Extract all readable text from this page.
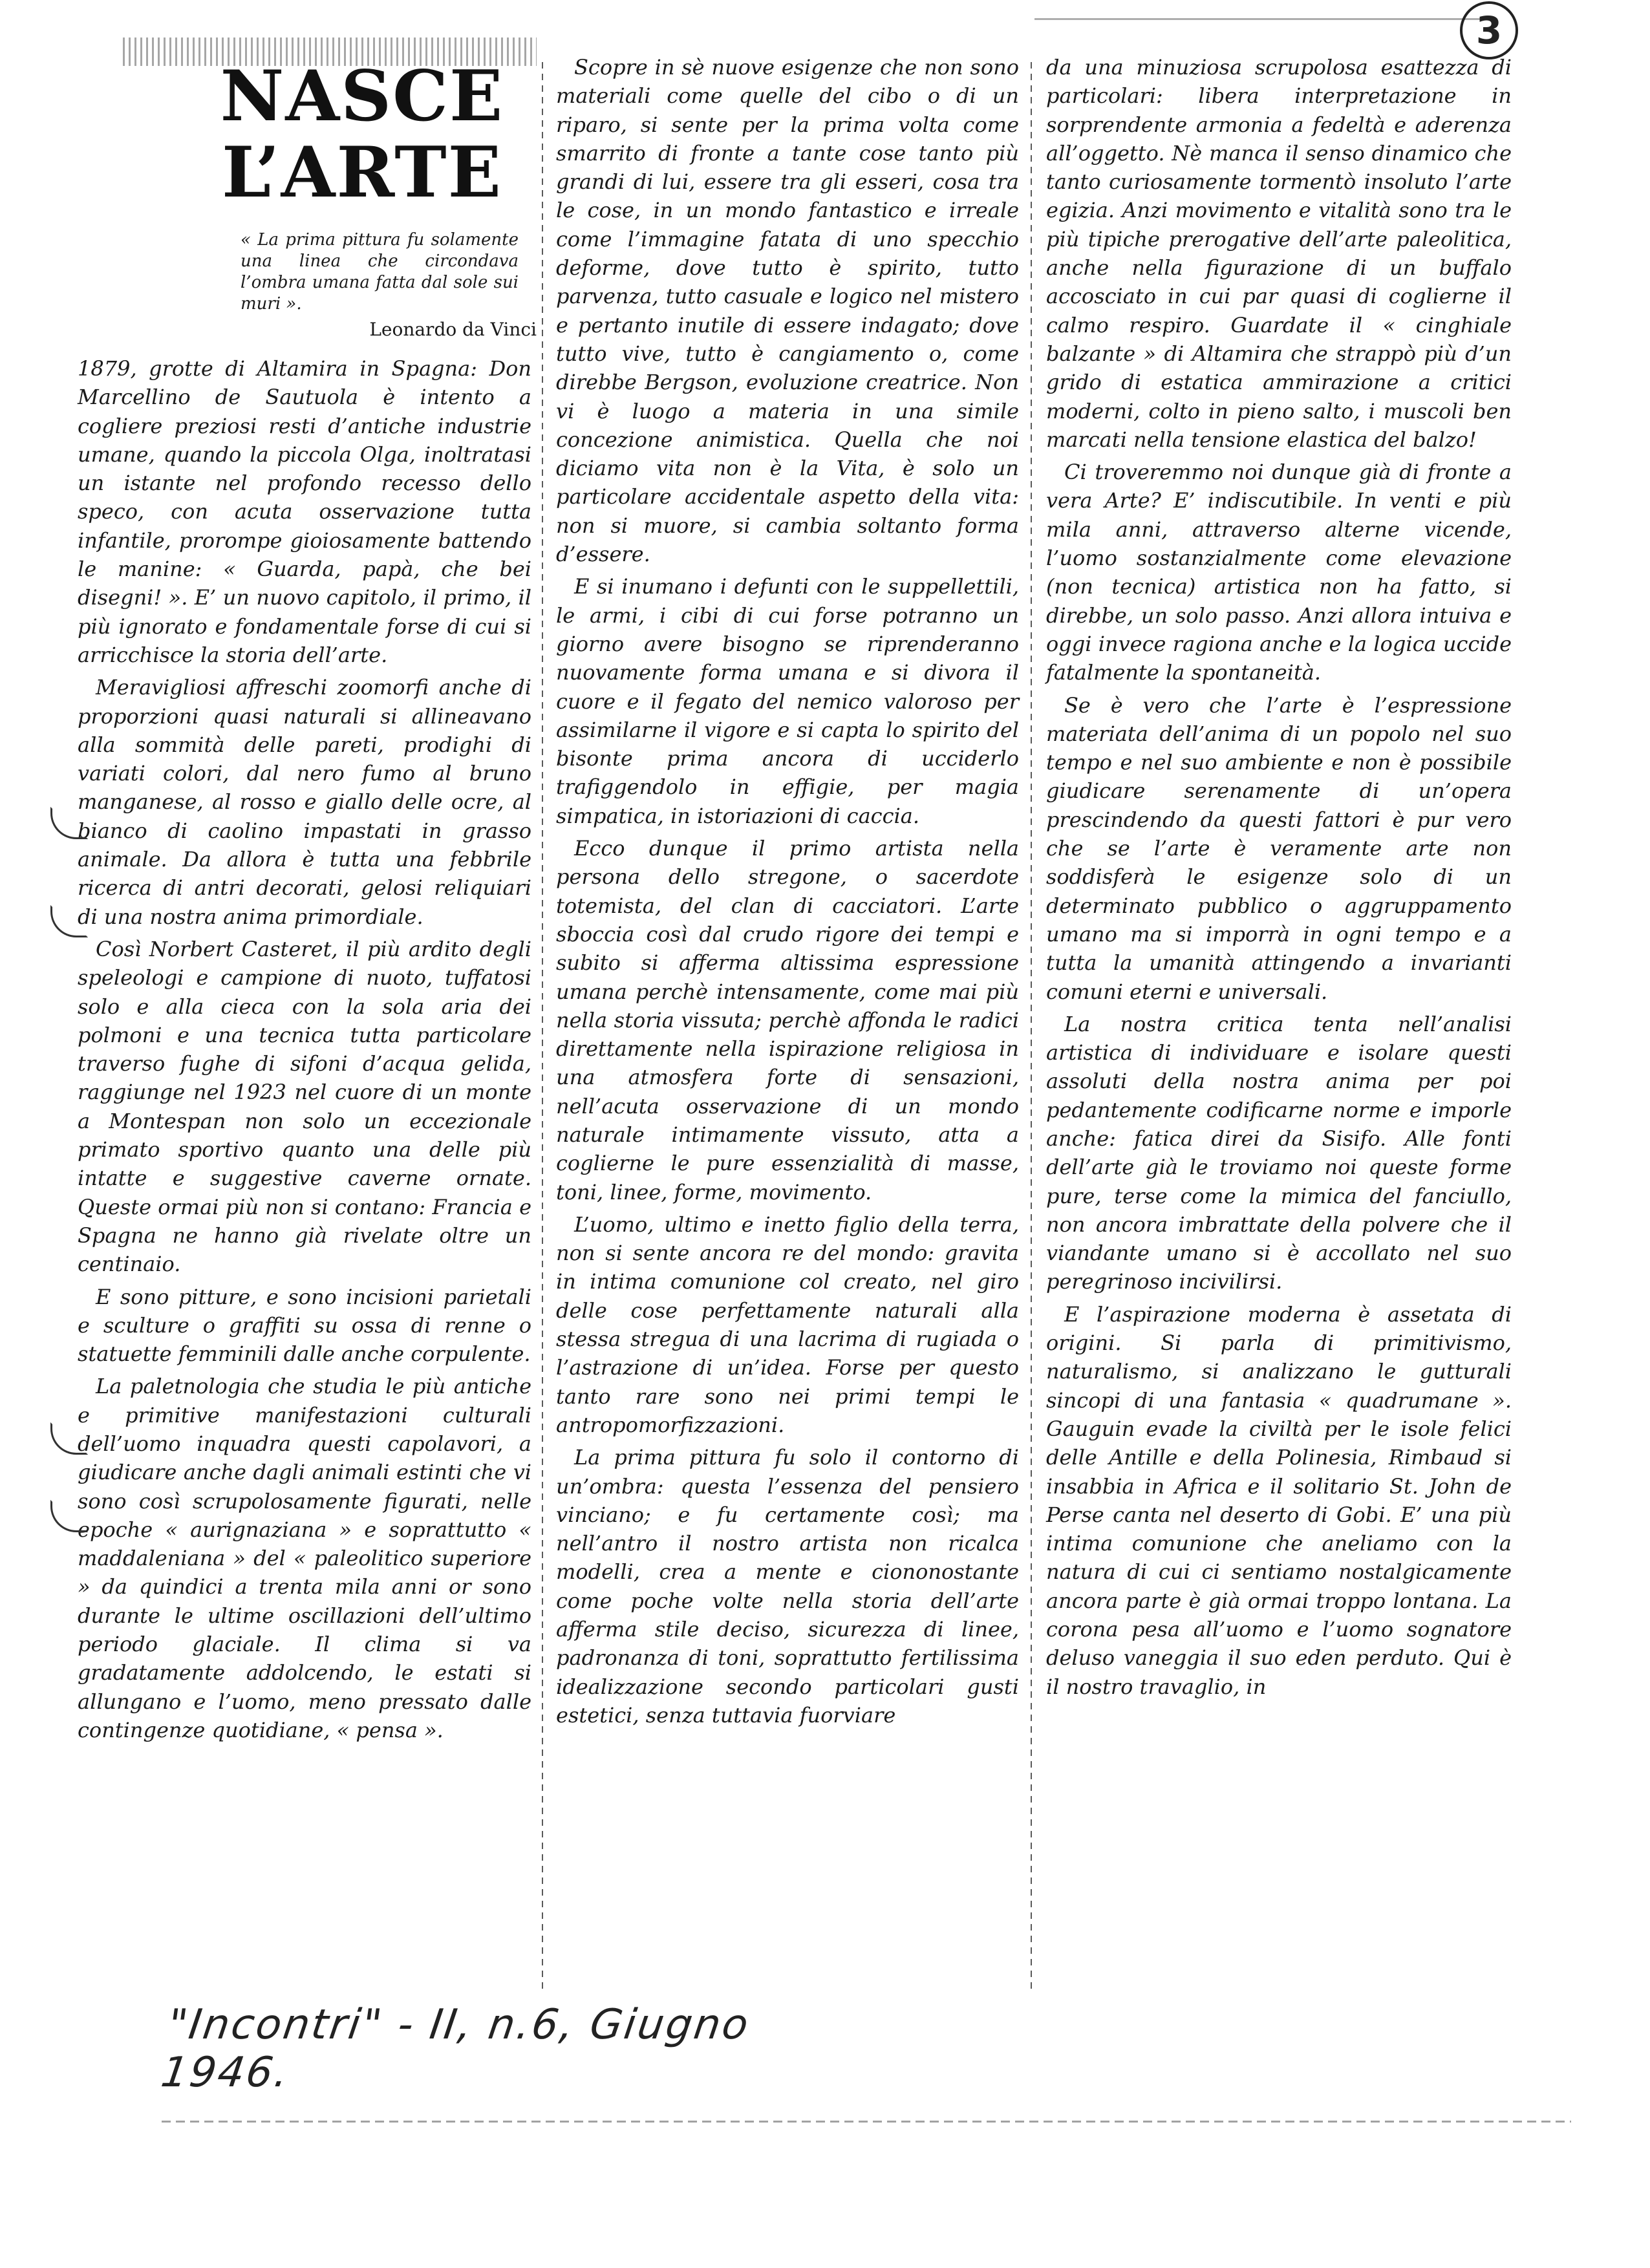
3
NASCE
L’ARTE
« La prima pittura fu solamente una linea che circondava l’ombra umana fatta dal sole sui muri ».
Leonardo da Vinci

1879, grotte di Altamira in Spagna: Don Marcellino de Sautuola è intento a cogliere preziosi resti d’antiche industrie umane, quando la piccola Olga, inoltratasi un istante nel profondo recesso dello speco, con acuta osservazione tutta infantile, prorompe gioiosamente battendo le manine: « Guarda, papà, che bei disegni! ». E’ un nuovo capitolo, il primo, il più ignorato e fondamentale forse di cui si arricchisce la storia dell’arte.

Meravigliosi affreschi zoomorfi anche di proporzioni quasi naturali si allineavano alla sommità delle pareti, prodighi di variati colori, dal nero fumo al bruno manganese, al rosso e giallo delle ocre, al bianco di caolino impastati in grasso animale. Da allora è tutta una febbrile ricerca di antri decorati, gelosi reliquiari di una nostra anima primordiale.

Così Norbert Casteret, il più ardito degli speleologi e campione di nuoto, tuffatosi solo e alla cieca con la sola aria dei polmoni e una tecnica tutta particolare traverso fughe di sifoni d’acqua gelida, raggiunge nel 1923 nel cuore di un monte a Montespan non solo un eccezionale primato sportivo quanto una delle più intatte e suggestive caverne ornate. Queste ormai più non si contano: Francia e Spagna ne hanno già rivelate oltre un centinaio.

E sono pitture, e sono incisioni parietali e sculture o graffiti su ossa di renne o statuette femminili dalle anche corpulente.

La paletnologia che studia le più antiche e primitive manifestazioni culturali dell’uomo inquadra questi capolavori, a giudicare anche dagli animali estinti che vi sono così scrupolosamente figurati, nelle epoche « aurignaziana » e soprattutto « maddaleniana » del « paleolitico superiore » da quindici a trenta mila anni or sono durante le ultime oscillazioni dell’ultimo periodo glaciale. Il clima si va gradatamente addolcendo, le estati si allungano e l’uomo, meno pressato dalle contingenze quotidiane, « pensa ».

Scopre in sè nuove esigenze che non sono materiali come quelle del cibo o di un riparo, si sente per la prima volta come smarrito di fronte a tante cose tanto più grandi di lui, essere tra gli esseri, cosa tra le cose, in un mondo fantastico e irreale come l’immagine fatata di uno specchio deforme, dove tutto è spirito, tutto parvenza, tutto casuale e logico nel mistero e pertanto inutile di essere indagato; dove tutto vive, tutto è cangiamento o, come direbbe Bergson, evoluzione creatrice. Non vi è luogo a materia in una simile concezione animistica. Quella che noi diciamo vita non è la Vita, è solo un particolare accidentale aspetto della vita: non si muore, si cambia soltanto forma d’essere.

E si inumano i defunti con le suppellettili, le armi, i cibi di cui forse potranno un giorno avere bisogno se riprenderanno nuovamente forma umana e si divora il cuore e il fegato del nemico valoroso per assimilarne il vigore e si capta lo spirito del bisonte prima ancora di ucciderlo trafiggendolo in effigie, per magia simpatica, in istoriazioni di caccia.

Ecco dunque il primo artista nella persona dello stregone, o sacerdote totemista, del clan di cacciatori. L’arte sboccia così dal crudo rigore dei tempi e subito si afferma altissima espressione umana perchè intensamente, come mai più nella storia vissuta; perchè affonda le radici direttamente nella ispirazione religiosa in una atmosfera forte di sensazioni, nell’acuta osservazione di un mondo naturale intimamente vissuto, atta a coglierne le pure essenzialità di masse, toni, linee, forme, movimento.

L’uomo, ultimo e inetto figlio della terra, non si sente ancora re del mondo: gravita in intima comunione col creato, nel giro delle cose perfettamente naturali alla stessa stregua di una lacrima di rugiada o l’astrazione di un’idea. Forse per questo tanto rare sono nei primi tempi le antropomorfizzazioni.

La prima pittura fu solo il contorno di un’ombra: questa l’essenza del pensiero vinciano; e fu certamente così; ma nell’antro il nostro artista non ricalca modelli, crea a mente e ciononostante come poche volte nella storia dell’arte afferma stile deciso, sicurezza di linee, padronanza di toni, soprattutto fertilissima idealizzazione secondo particolari gusti estetici, senza tuttavia fuorviare

da una minuziosa scrupolosa esattezza di particolari: libera interpretazione in sorprendente armonia a fedeltà e aderenza all’oggetto. Nè manca il senso dinamico che tanto curiosamente tormentò insoluto l’arte egizia. Anzi movimento e vitalità sono tra le più tipiche prerogative dell’arte paleolitica, anche nella figurazione di un buffalo accosciato in cui par quasi di coglierne il calmo respiro. Guardate il « cinghiale balzante » di Altamira che strappò più d’un grido di estatica ammirazione a critici moderni, colto in pieno salto, i muscoli ben marcati nella tensione elastica del balzo!

Ci troveremmo noi dunque già di fronte a vera Arte? E’ indiscutibile. In venti e più mila anni, attraverso alterne vicende, l’uomo sostanzialmente come elevazione (non tecnica) artistica non ha fatto, si direbbe, un solo passo. Anzi allora intuiva e oggi invece ragiona anche e la logica uccide fatalmente la spontaneità.

Se è vero che l’arte è l’espressione materiata dell’anima di un popolo nel suo tempo e nel suo ambiente e non è possibile giudicare serenamente di un’opera prescindendo da questi fattori è pur vero che se l’arte è veramente arte non soddisferà le esigenze solo di un determinato pubblico o aggruppamento umano ma si imporrà in ogni tempo e a tutta la umanità attingendo a invarianti comuni eterni e universali.

La nostra critica tenta nell’analisi artistica di individuare e isolare questi assoluti della nostra anima per poi pedantemente codificarne norme e imporle anche: fatica direi da Sisifo. Alle fonti dell’arte già le troviamo noi queste forme pure, terse come la mimica del fanciullo, non ancora imbrattate della polvere che il viandante umano si è accollato nel suo peregrinoso incivilirsi.

E l’aspirazione moderna è assetata di origini. Si parla di primitivismo, naturalismo, si analizzano le gutturali sincopi di una fantasia « quadrumane ». Gauguin evade la civiltà per le isole felici delle Antille e della Polinesia, Rimbaud si insabbia in Africa e il solitario St. John de Perse canta nel deserto di Gobi. E’ una più intima comunione che aneliamo con la natura di cui ci sentiamo nostalgicamente ancora parte è già ormai troppo lontana. La corona pesa all’uomo e l’uomo sognatore deluso vaneggia il suo eden perduto. Qui è il nostro travaglio, in

"Incontri" - II, n.6, Giugno 1946.
